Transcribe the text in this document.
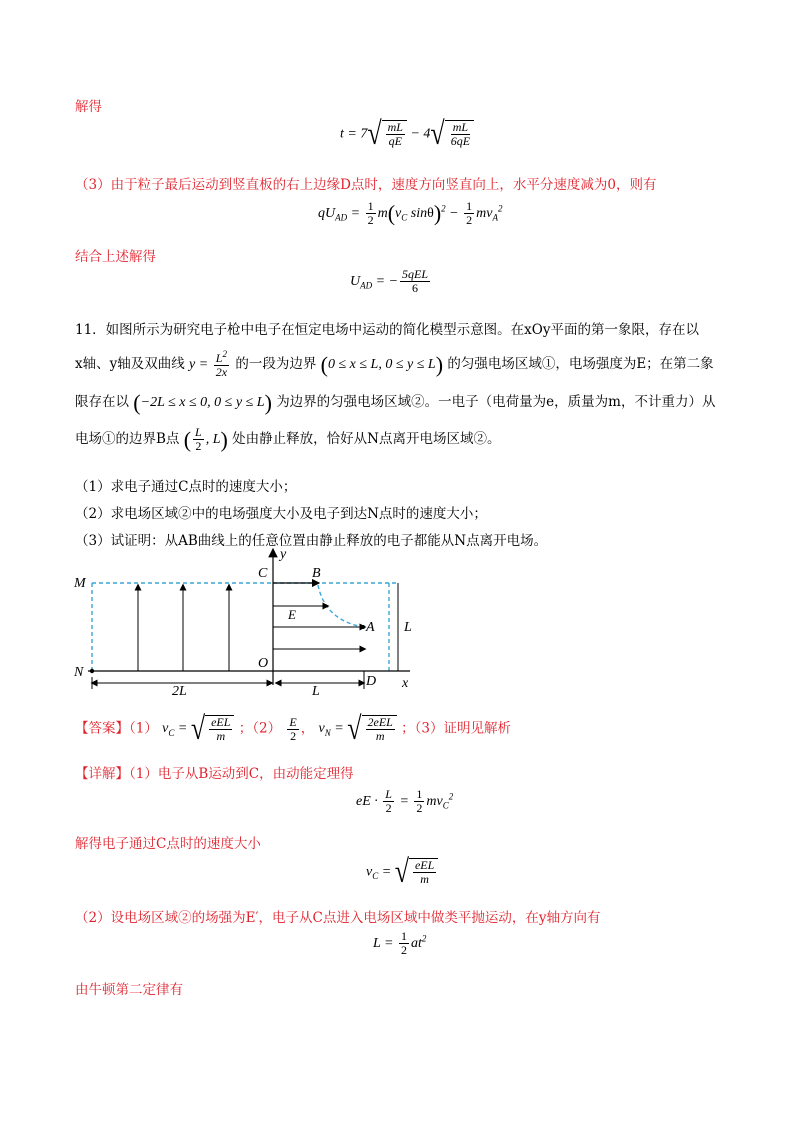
解得
t = 7 √ $\frac{mL}{qE} - 4$ √ $\frac{mL}{6qE}$
（3）由于粒子最后运动到竖直板的右上边缘D点时，速度方向竖直向上，水平分速度减为0，则有
$qU_{AD} = \frac{1}{2} m(v_C$ $\sin\theta)^2 - \frac{1}{2} mv_A^2$
结合上述解得
$U_{AD}$ = − $\frac{\text{5qEL}}{6}$
11．如图所示为研究电子枪中电子在恒定电场中运动的简化模型示意图。在xOy平面的第一象限，存在以
x轴、y轴及双曲线 $y = \frac{L^2}{2x}$ 的一段为边界 (0 ≤ x ≤ L, 0 ≤ y ≤ L) 的匀强电场区域①，电场强度为E；在第二象
限存在以 (−2L ≤ x ≤ 0, 0 ≤ y ≤ L) 为边界的匀强电场区域②。一电子（电荷量为e，质量为m，不计重力）从
电场①的边界B点 ( $\frac{L}{2}$ , L) 处由静止释放，恰好从N点离开电场区域②。
（1）求电子通过C点时的速度大小；
（2）求电场区域②中的电场强度大小及电子到达N点时的速度大小；
（3）试证明：从AB曲线上的任意位置由静止释放的电子都能从N点离开电场。
M
N
C	B
A
E
O
D x
y
L
L
2L
【答案】（1） $v_C$ = √ $\frac{\text{eEL}}{m}$ ；$(2) \frac{E}{2}$ ， $v_N$ = √ $\frac{\text{2eEL}}{m}$ ；（3）证明见解析
【详解】（1）电子从B运动到C，由动能定理得
eE · $\frac{L}{2} = \frac{1}{2} mv_C^2$
解得电子通过C点时的速度大小
$v_C$ = √ $\frac{\text{eEL}}{m}$
（2）设电场区域②的场强为E′，电子从C点进入电场区域中做类平抛运动，在y轴方向有
$L = \frac{1}{2} at^2$
由牛顿第二定律有
